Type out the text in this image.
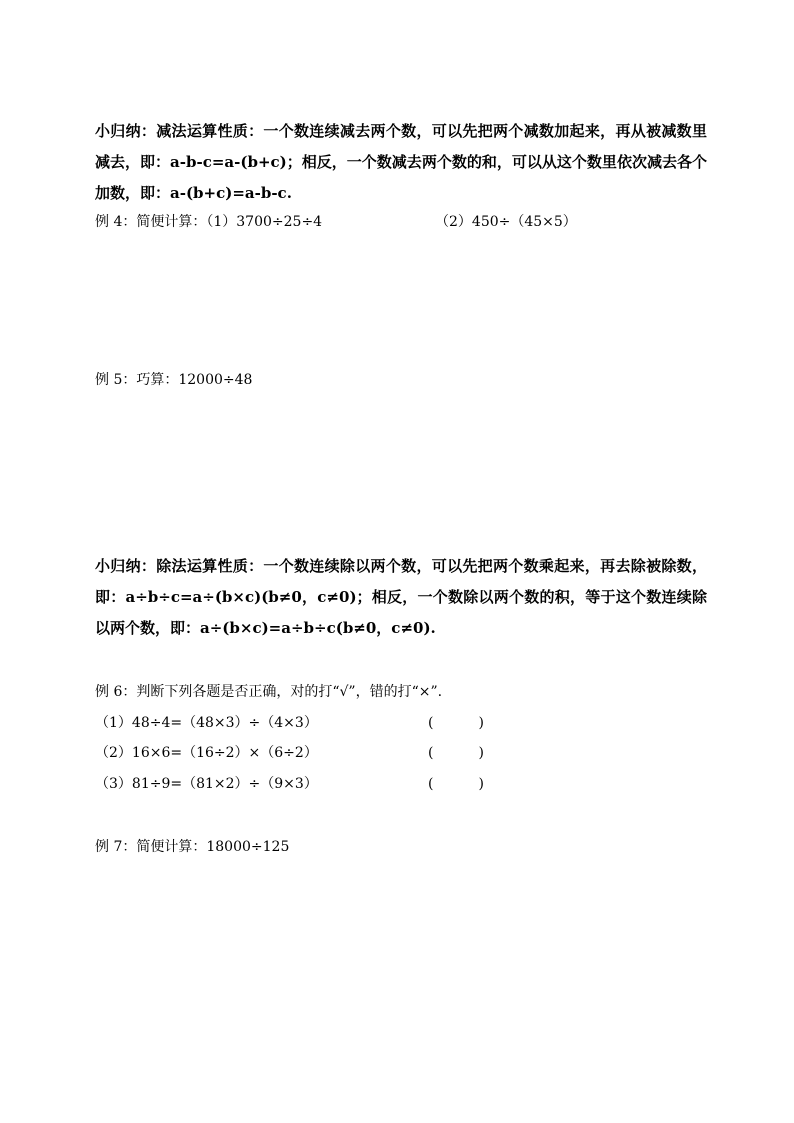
小归纳：减法运算性质：一个数连续减去两个数，可以先把两个减数加起来，再从被减数里减去，即：a-b-c=a-(b+c)；相反，一个数减去两个数的和，可以从这个数里依次减去各个加数，即：a-(b+c)=a-b-c.
例 4：简便计算：（1）3700÷25÷4	（2）450÷（45×5）
例 5：巧算：12000÷48
小归纳：除法运算性质：一个数连续除以两个数，可以先把两个数乘起来，再去除被除数，即：a÷b÷c=a÷(b×c)(b≠0，c≠0)；相反，一个数除以两个数的积，等于这个数连续除以两个数，即：a÷(b×c)=a÷b÷c(b≠0，c≠0).
例 6：判断下列各题是否正确，对的打“√”，错的打“×”.
（1）48÷4=（48×3）÷（4×3）	(	)
（2）16×6=（16÷2）×（6÷2）	(	)
（3）81÷9=（81×2）÷（9×3）	(	)
例 7：简便计算：18000÷125
